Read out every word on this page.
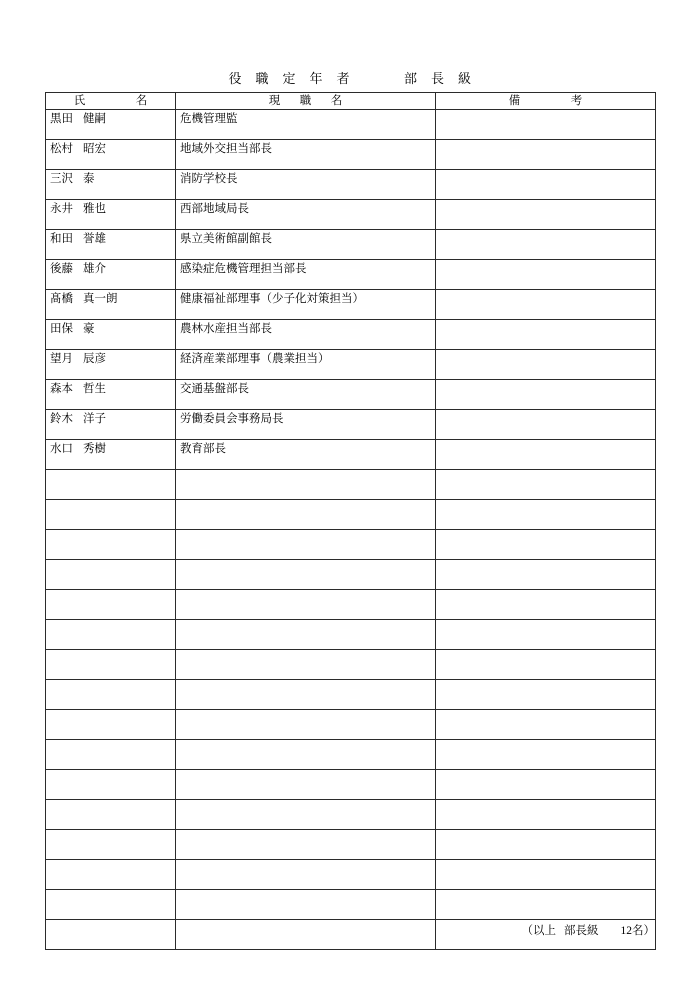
役　職　定　年　者　　　　部　長　級
氏　　　名	現　職　名	備　　　考

黒田 健嗣	危機管理監	

松村 昭宏	地域外交担当部長	

三沢 泰	消防学校長	

永井 雅也	西部地域局長	

和田 誉雄	県立美術館副館長	

後藤 雄介	感染症危機管理担当部長	

髙橋 真一朗	健康福祉部理事（少子化対策担当）	

田保 豪	農林水産担当部長	

望月 辰彦	経済産業部理事（農業担当）	

森本 哲生	交通基盤部長	

鈴木 洋子	労働委員会事務局長	

水口 秀樹	教育部長	

（以上 部長級 12名）
